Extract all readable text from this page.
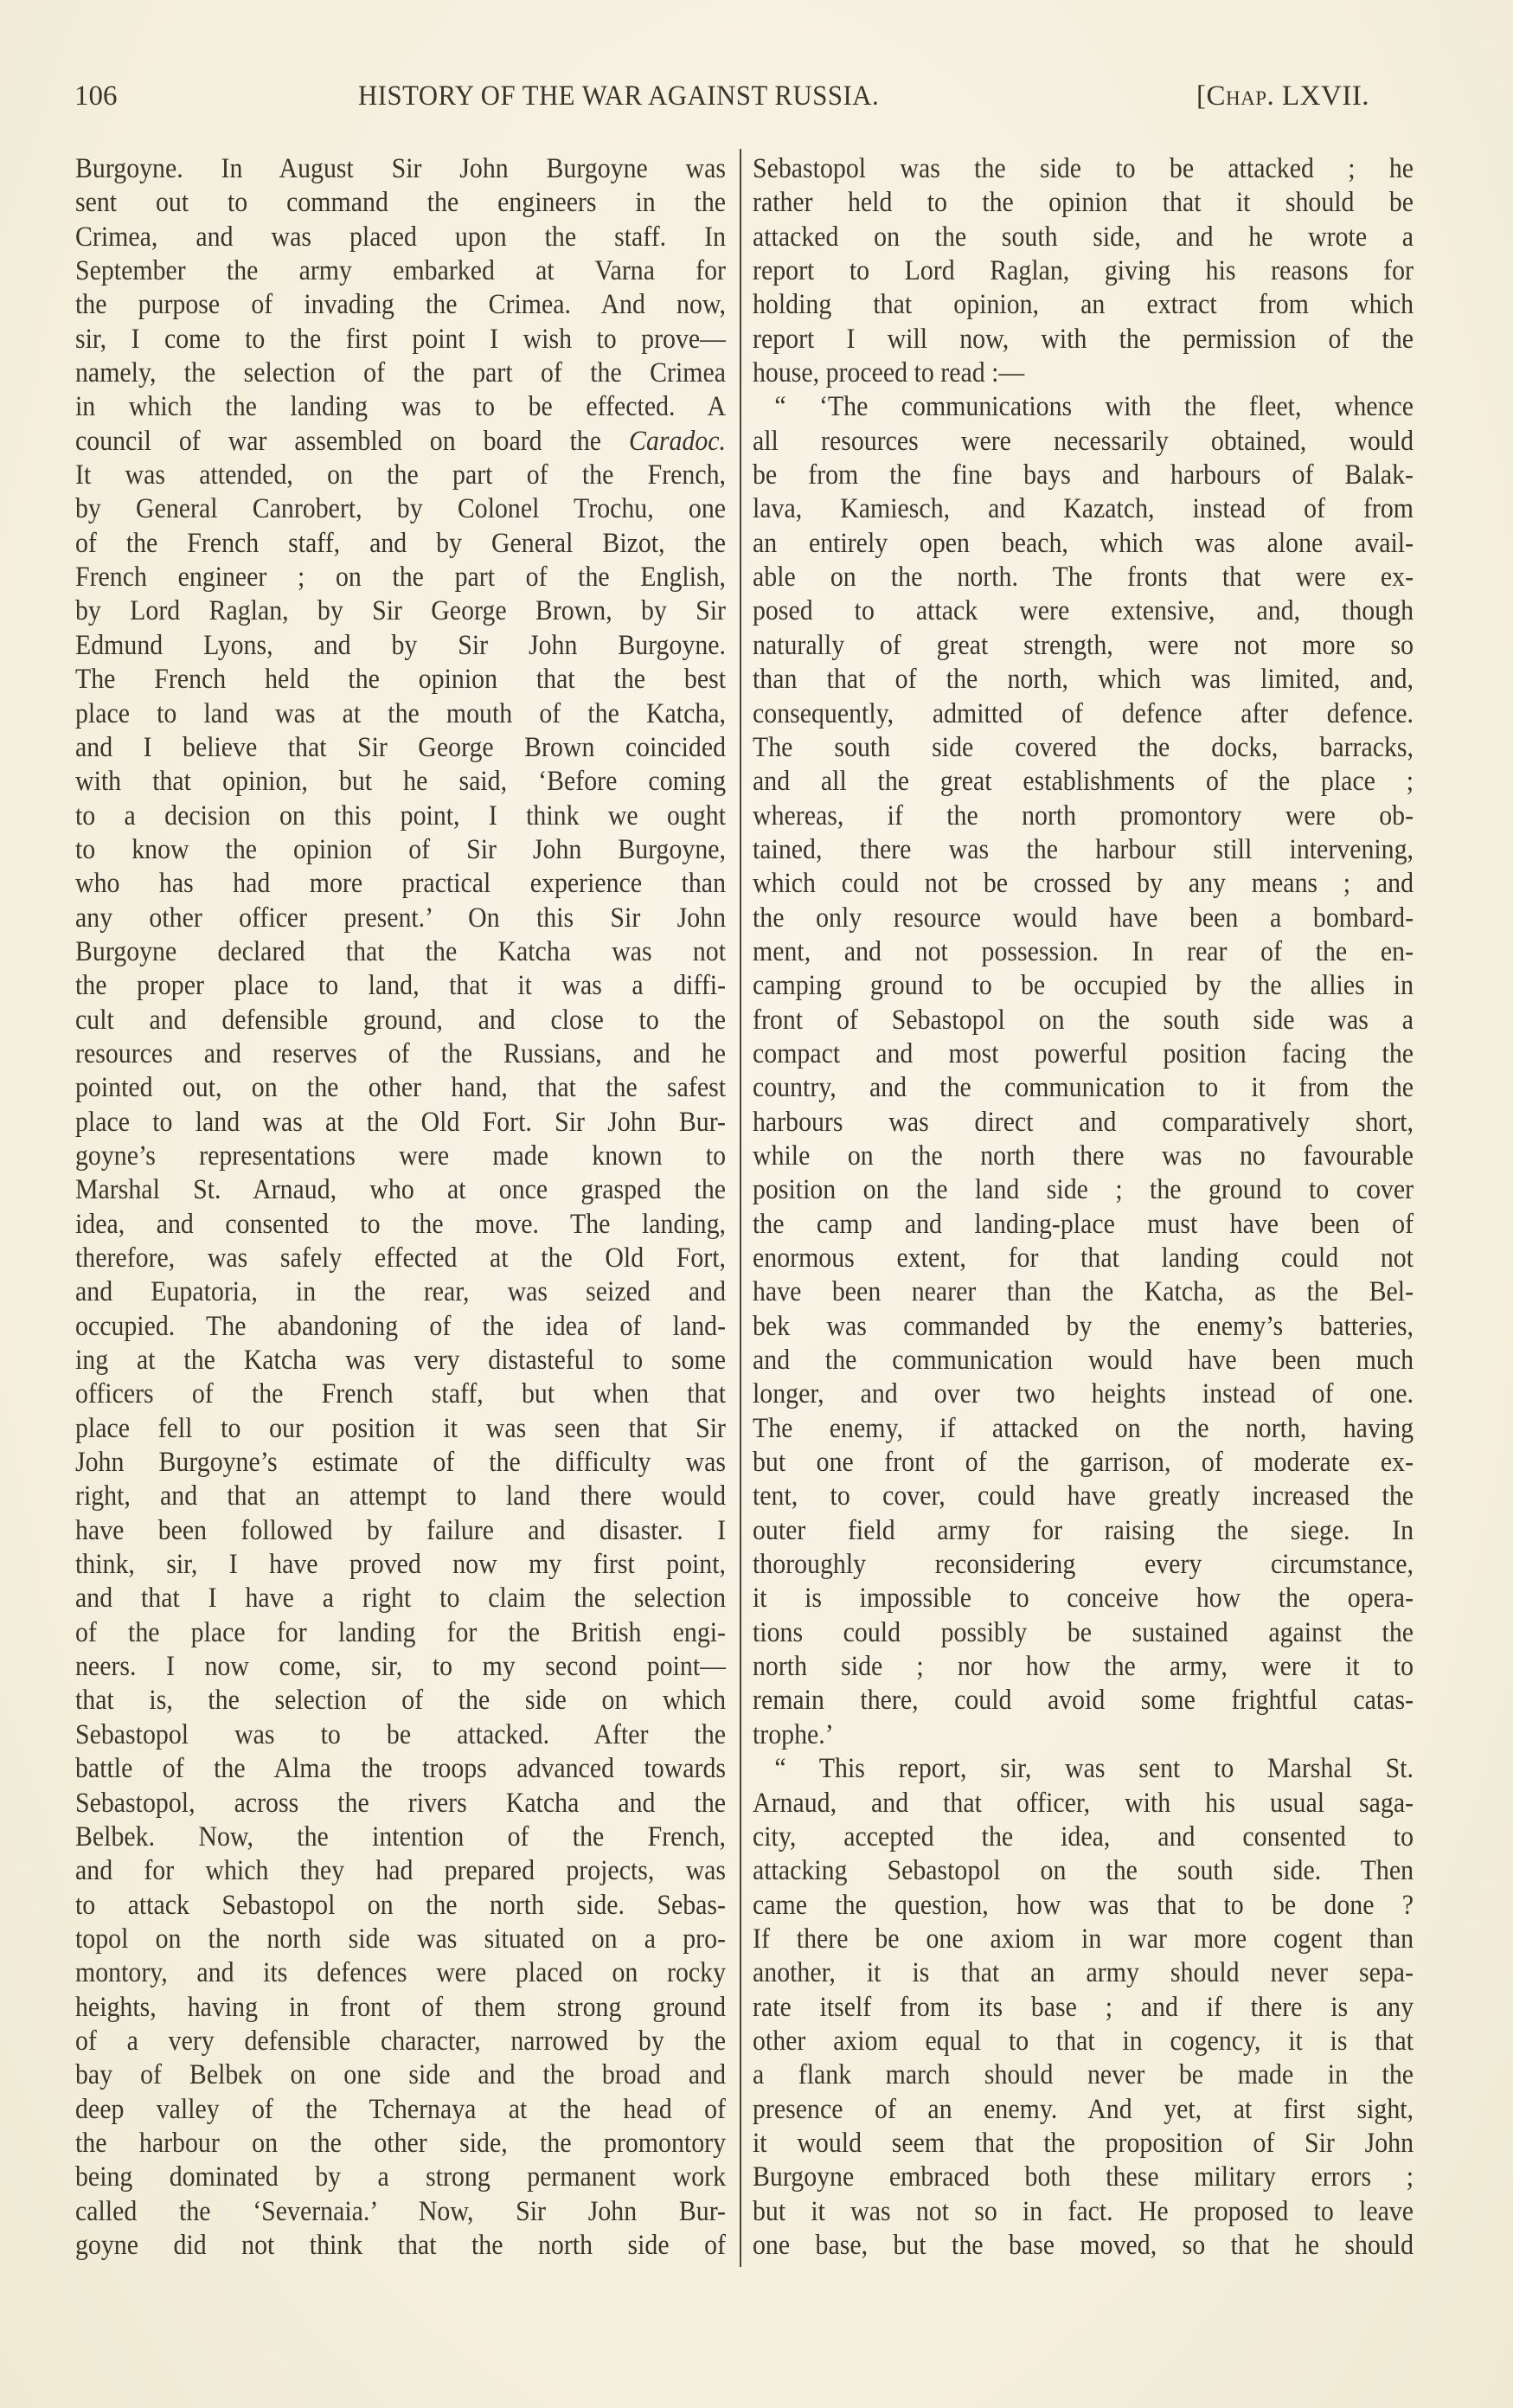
106	HISTORY OF THE WAR AGAINST RUSSIA.	[Chap. LXVII.
Burgoyne. In August Sir John Burgoyne was
sent out to command the engineers in the
Crimea, and was placed upon the staff. In
September the army embarked at Varna for
the purpose of invading the Crimea. And now,
sir, I come to the first point I wish to prove—
namely, the selection of the part of the Crimea
in which the landing was to be effected. A
council of war assembled on board the Caradoc.
It was attended, on the part of the French,
by General Canrobert, by Colonel Trochu, one
of the French staff, and by General Bizot, the
French engineer ; on the part of the English,
by Lord Raglan, by Sir George Brown, by Sir
Edmund Lyons, and by Sir John Burgoyne.
The French held the opinion that the best
place to land was at the mouth of the Katcha,
and I believe that Sir George Brown coincided
with that opinion, but he said, ‘Before coming
to a decision on this point, I think we ought
to know the opinion of Sir John Burgoyne,
who has had more practical experience than
any other officer present.’ On this Sir John
Burgoyne declared that the Katcha was not
the proper place to land, that it was a diffi-
cult and defensible ground, and close to the
resources and reserves of the Russians, and he
pointed out, on the other hand, that the safest
place to land was at the Old Fort. Sir John Bur-
goyne’s representations were made known to
Marshal St. Arnaud, who at once grasped the
idea, and consented to the move. The landing,
therefore, was safely effected at the Old Fort,
and Eupatoria, in the rear, was seized and
occupied. The abandoning of the idea of land-
ing at the Katcha was very distasteful to some
officers of the French staff, but when that
place fell to our position it was seen that Sir
John Burgoyne’s estimate of the difficulty was
right, and that an attempt to land there would
have been followed by failure and disaster. I
think, sir, I have proved now my first point,
and that I have a right to claim the selection
of the place for landing for the British engi-
neers. I now come, sir, to my second point—
that is, the selection of the side on which
Sebastopol was to be attacked. After the
battle of the Alma the troops advanced towards
Sebastopol, across the rivers Katcha and the
Belbek. Now, the intention of the French,
and for which they had prepared projects, was
to attack Sebastopol on the north side. Sebas-
topol on the north side was situated on a pro-
montory, and its defences were placed on rocky
heights, having in front of them strong ground
of a very defensible character, narrowed by the
bay of Belbek on one side and the broad and
deep valley of the Tchernaya at the head of
the harbour on the other side, the promontory
being dominated by a strong permanent work
called the ‘Severnaia.’ Now, Sir John Bur-
goyne did not think that the north side of
Sebastopol was the side to be attacked ; he
rather held to the opinion that it should be
attacked on the south side, and he wrote a
report to Lord Raglan, giving his reasons for
holding that opinion, an extract from which
report I will now, with the permission of the
house, proceed to read :—
“ ‘The communications with the fleet, whence
all resources were necessarily obtained, would
be from the fine bays and harbours of Balak-
lava, Kamiesch, and Kazatch, instead of from
an entirely open beach, which was alone avail-
able on the north. The fronts that were ex-
posed to attack were extensive, and, though
naturally of great strength, were not more so
than that of the north, which was limited, and,
consequently, admitted of defence after defence.
The south side covered the docks, barracks,
and all the great establishments of the place ;
whereas, if the north promontory were ob-
tained, there was the harbour still intervening,
which could not be crossed by any means ; and
the only resource would have been a bombard-
ment, and not possession. In rear of the en-
camping ground to be occupied by the allies in
front of Sebastopol on the south side was a
compact and most powerful position facing the
country, and the communication to it from the
harbours was direct and comparatively short,
while on the north there was no favourable
position on the land side ; the ground to cover
the camp and landing-place must have been of
enormous extent, for that landing could not
have been nearer than the Katcha, as the Bel-
bek was commanded by the enemy’s batteries,
and the communication would have been much
longer, and over two heights instead of one.
The enemy, if attacked on the north, having
but one front of the garrison, of moderate ex-
tent, to cover, could have greatly increased the
outer field army for raising the siege. In
thoroughly reconsidering every circumstance,
it is impossible to conceive how the opera-
tions could possibly be sustained against the
north side ; nor how the army, were it to
remain there, could avoid some frightful catas-
trophe.’
“ This report, sir, was sent to Marshal St.
Arnaud, and that officer, with his usual saga-
city, accepted the idea, and consented to
attacking Sebastopol on the south side. Then
came the question, how was that to be done ?
If there be one axiom in war more cogent than
another, it is that an army should never sepa-
rate itself from its base ; and if there is any
other axiom equal to that in cogency, it is that
a flank march should never be made in the
presence of an enemy. And yet, at first sight,
it would seem that the proposition of Sir John
Burgoyne embraced both these military errors ;
but it was not so in fact. He proposed to leave
one base, but the base moved, so that he should
